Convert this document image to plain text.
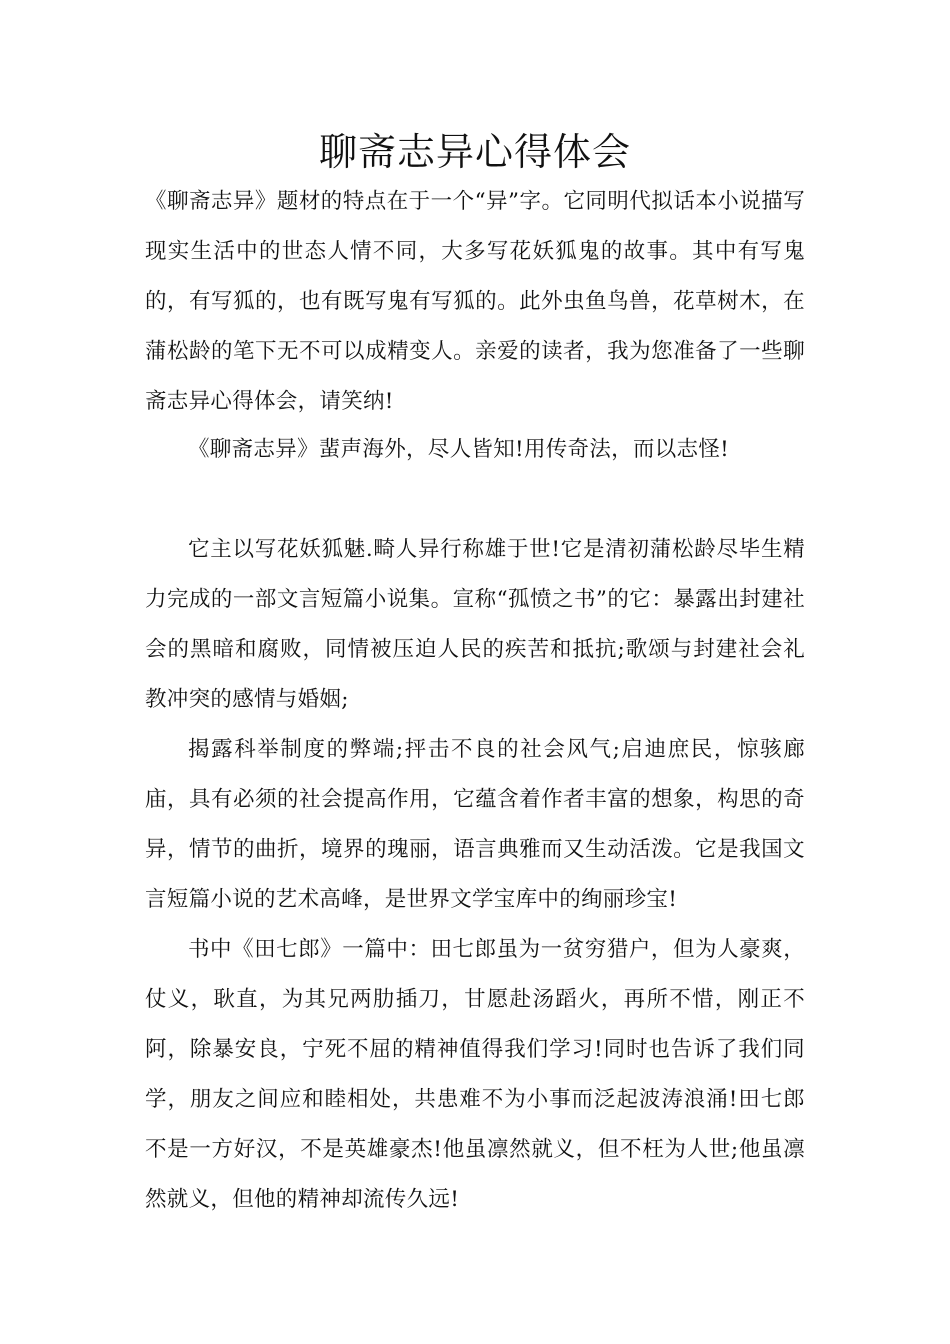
聊斋志异心得体会

《聊斋志异》题材的特点在于一个“异”字。它同明代拟话本小说描写现实生活中的世态人情不同，大多写花妖狐鬼的故事。其中有写鬼的，有写狐的，也有既写鬼有写狐的。此外虫鱼鸟兽，花草树木，在蒲松龄的笔下无不可以成精变人。亲爱的读者，我为您准备了一些聊斋志异心得体会，请笑纳!

《聊斋志异》蜚声海外，尽人皆知!用传奇法，而以志怪!

它主以写花妖狐魅.畸人异行称雄于世!它是清初蒲松龄尽毕生精力完成的一部文言短篇小说集。宣称“孤愤之书”的它：暴露出封建社会的黑暗和腐败，同情被压迫人民的疾苦和抵抗;歌颂与封建社会礼教冲突的感情与婚姻;

揭露科举制度的弊端;抨击不良的社会风气;启迪庶民，惊骇廊庙，具有必须的社会提高作用，它蕴含着作者丰富的想象，构思的奇异，情节的曲折，境界的瑰丽，语言典雅而又生动活泼。它是我国文言短篇小说的艺术高峰，是世界文学宝库中的绚丽珍宝!

书中《田七郎》一篇中：田七郎虽为一贫穷猎户，但为人豪爽，仗义，耿直，为其兄两肋插刀，甘愿赴汤蹈火，再所不惜，刚正不阿，除暴安良，宁死不屈的精神值得我们学习!同时也告诉了我们同学，朋友之间应和睦相处，共患难不为小事而泛起波涛浪涌!田七郎不是一方好汉，不是英雄豪杰!他虽凛然就义，但不枉为人世;他虽凛然就义，但他的精神却流传久远!
